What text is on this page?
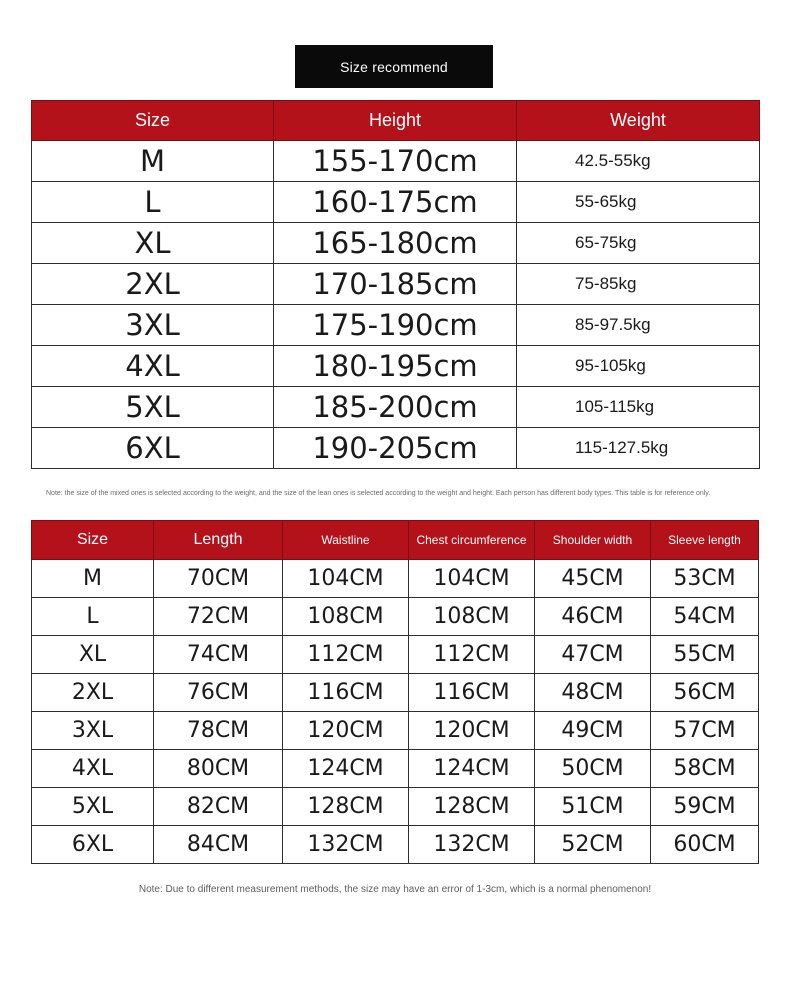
Size recommend
Size	Height	Weight
M	155-170cm	42.5-55kg
L	160-175cm	55-65kg
XL	165-180cm	65-75kg
2XL	170-185cm	75-85kg
3XL	175-190cm	85-97.5kg
4XL	180-195cm	95-105kg
5XL	185-200cm	105-115kg
6XL	190-205cm	115-127.5kg
Note: the size of the mixed ones is selected according to the weight, and the size of the lean ones is selected according to the weight and height. Each person has different body types. This table is for reference only.
Size	Length	Waistline	Chest circumference	Shoulder width	Sleeve length
M	70CM	104CM	104CM	45CM	53CM
L	72CM	108CM	108CM	46CM	54CM
XL	74CM	112CM	112CM	47CM	55CM
2XL	76CM	116CM	116CM	48CM	56CM
3XL	78CM	120CM	120CM	49CM	57CM
4XL	80CM	124CM	124CM	50CM	58CM
5XL	82CM	128CM	128CM	51CM	59CM
6XL	84CM	132CM	132CM	52CM	60CM
Note: Due to different measurement methods, the size may have an error of 1-3cm, which is a normal phenomenon!
